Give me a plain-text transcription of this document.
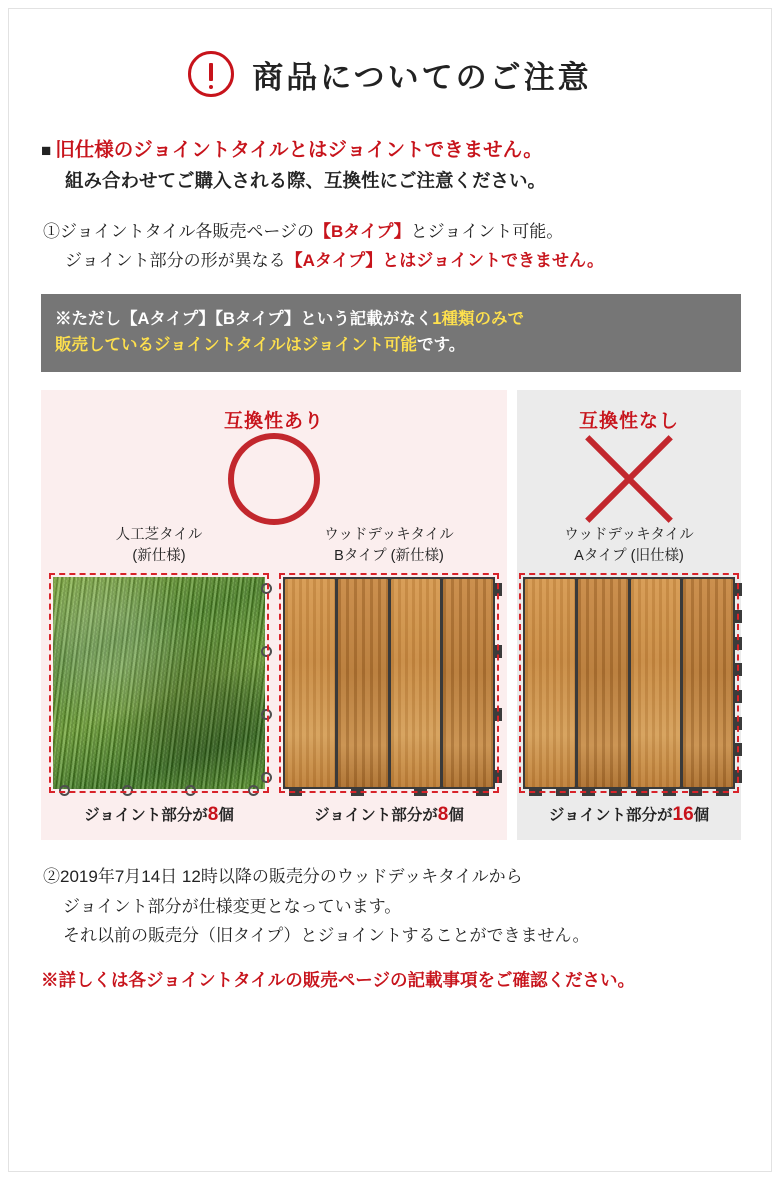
商品についてのご注意
■ 旧仕様のジョイントタイルとはジョイントできません。
組み合わせてご購入される際、互換性にご注意ください。
①ジョイントタイル各販売ページの【Bタイプ】とジョイント可能。
ジョイント部分の形が異なる【Aタイプ】とはジョイントできません。
※ただし【Aタイプ】【Bタイプ】という記載がなく1種類のみで
販売しているジョイントタイルはジョイント可能です。
互換性あり
人工芝タイル
(新仕様)
ジョイント部分が8個
ウッドデッキタイル
Bタイプ (新仕様)
ジョイント部分が8個
互換性なし
ウッドデッキタイル
Aタイプ (旧仕様)
ジョイント部分が16個
②2019年7月14日 12時以降の販売分のウッドデッキタイルから
ジョイント部分が仕様変更となっています。
それ以前の販売分（旧タイプ）とジョイントすることができません。
※詳しくは各ジョイントタイルの販売ページの記載事項をご確認ください。
